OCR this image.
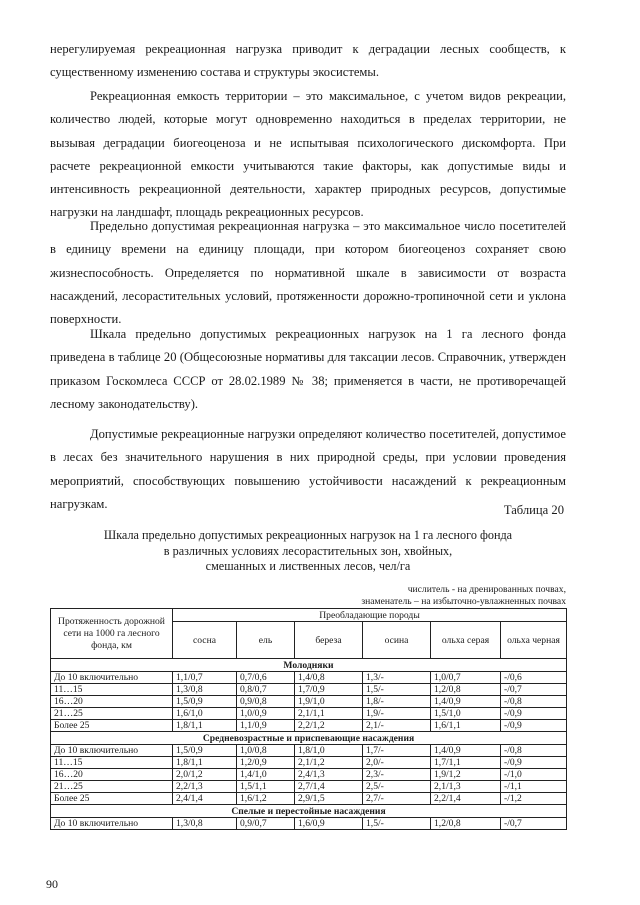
нерегулируемая рекреационная нагрузка приводит к деградации лесных сообществ, к существенному изменению состава и структуры экосистемы.

Рекреационная емкость территории – это максимальное, с учетом видов рекреации, количество людей, которые могут одновременно находиться в пределах территории, не вызывая деградации биогеоценоза и не испытывая психологического дискомфорта. При расчете рекреационной емкости учитываются такие факторы, как допустимые виды и интенсивность рекреационной деятельности, характер природных ресурсов, допустимые нагрузки на ландшафт, площадь рекреационных ресурсов.

Предельно допустимая рекреационная нагрузка – это максимальное число посетителей в единицу времени на единицу площади, при котором биогеоценоз сохраняет свою жизнеспособность. Определяется по нормативной шкале в зависимости от возраста насаждений, лесорастительных условий, протяженности дорожно-тропиночной сети и уклона поверхности.

Шкала предельно допустимых рекреационных нагрузок на 1 га лесного фонда приведена в таблице 20 (Общесоюзные нормативы для таксации лесов. Справочник, утвержден приказом Госкомлеса СССР от 28.02.1989 № 38; применяется в части, не противоречащей лесному законодательству).

Допустимые рекреационные нагрузки определяют количество посетителей, допустимое в лесах без значительного нарушения в них природной среды, при условии проведения мероприятий, способствующих повышению устойчивости насаждений к рекреационным нагрузкам.	Таблица 20
Шкала предельно допустимых рекреационных нагрузок на 1 га лесного фонда
в различных условиях лесорастительных зон, хвойных,
смешанных и лиственных лесов, чел/га
числитель - на дренированных почвах,
знаменатель – на избыточно-увлажненных почвах
Протяженность дорожной сети на 1000 га лесного фонда, км	Преобладающие породы					
	сосна	ель	береза	осина	ольха серая	ольха черная
Молодняки						
До 10 включительно	1,1/0,7	0,7/0,6	1,4/0,8	1,3/-	1,0/0,7	-/0,6
11…15	1,3/0,8	0,8/0,7	1,7/0,9	1,5/-	1,2/0,8	-/0,7
16…20	1,5/0,9	0,9/0,8	1,9/1,0	1,8/-	1,4/0,9	-/0,8
21…25	1,6/1,0	1,0/0,9	2,1/1,1	1,9/-	1,5/1,0	-/0,9
Более 25	1,8/1,1	1,1/0,9	2,2/1,2	2,1/-	1,6/1,1	-/0,9
Средневозрастные и приспевающие насаждения						
До 10 включительно	1,5/0,9	1,0/0,8	1,8/1,0	1,7/-	1,4/0,9	-/0,8
11…15	1,8/1,1	1,2/0,9	2,1/1,2	2,0/-	1,7/1,1	-/0,9
16…20	2,0/1,2	1,4/1,0	2,4/1,3	2,3/-	1,9/1,2	-/1,0
21…25	2,2/1,3	1,5/1,1	2,7/1,4	2,5/-	2,1/1,3	-/1,1
Более 25	2,4/1,4	1,6/1,2	2,9/1,5	2,7/-	2,2/1,4	-/1,2
Спелые и перестойные насаждения						
До 10 включительно	1,3/0,8	0,9/0,7	1,6/0,9	1,5/-	1,2/0,8	-/0,7
90
